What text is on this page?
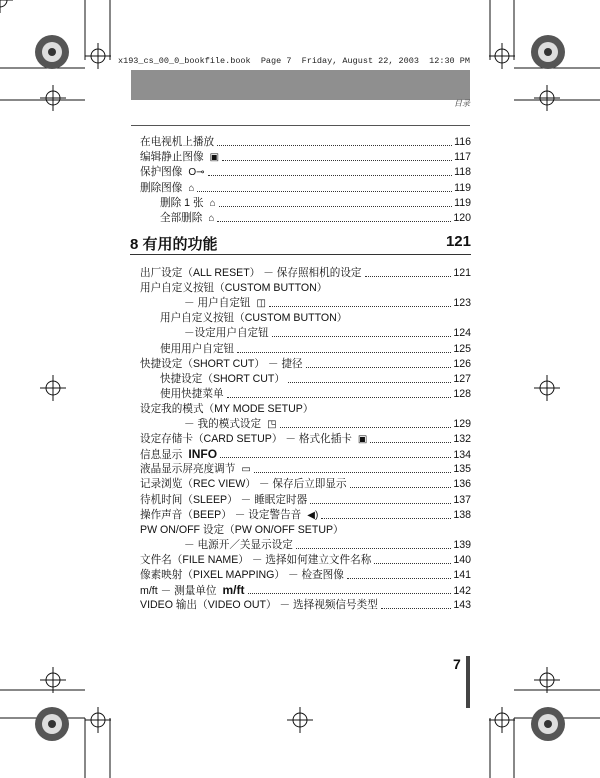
x193_cs_00_0_bookfile.book  Page 7  Friday, August 22, 2003  12:30 PM
目录
在电视机上播放	116
编辑静止图像 ▣	117
保护图像 O⊸	118
删除图像 ⌂	119
删除 1 张 ⌂	119
全部删除 ⌂	120
8 有用的功能	121
出厂设定（ALL RESET） － 保存照相机的设定	121
用户自定义按钮（CUSTOM BUTTON）
－ 用户自定钮 ◫	123
用户自定义按钮（CUSTOM BUTTON）
－设定用户自定钮	124
使用用户自定钮	125
快捷设定（SHORT CUT） － 捷径	126
快捷设定（SHORT CUT）	127
使用快捷菜单	128
设定我的模式（MY MODE SETUP）
－ 我的模式设定 ◳	129
设定存储卡（CARD SETUP） － 格式化插卡 ▣	132
信息显示 INFO	134
液晶显示屏亮度调节 ▭	135
记录浏览（REC VIEW） － 保存后立即显示	136
待机时间（SLEEP） － 睡眠定时器	137
操作声音（BEEP） － 设定警告音 ◀)	138
PW ON/OFF 设定（PW ON/OFF SETUP）
－ 电源开／关显示设定	139
文件名（FILE NAME） － 选择如何建立文件名称	140
像素映射（PIXEL MAPPING） － 检查图像	141
m/ft － 测量单位 m/ft	142
VIDEO 输出（VIDEO OUT） － 选择视频信号类型	143
7
